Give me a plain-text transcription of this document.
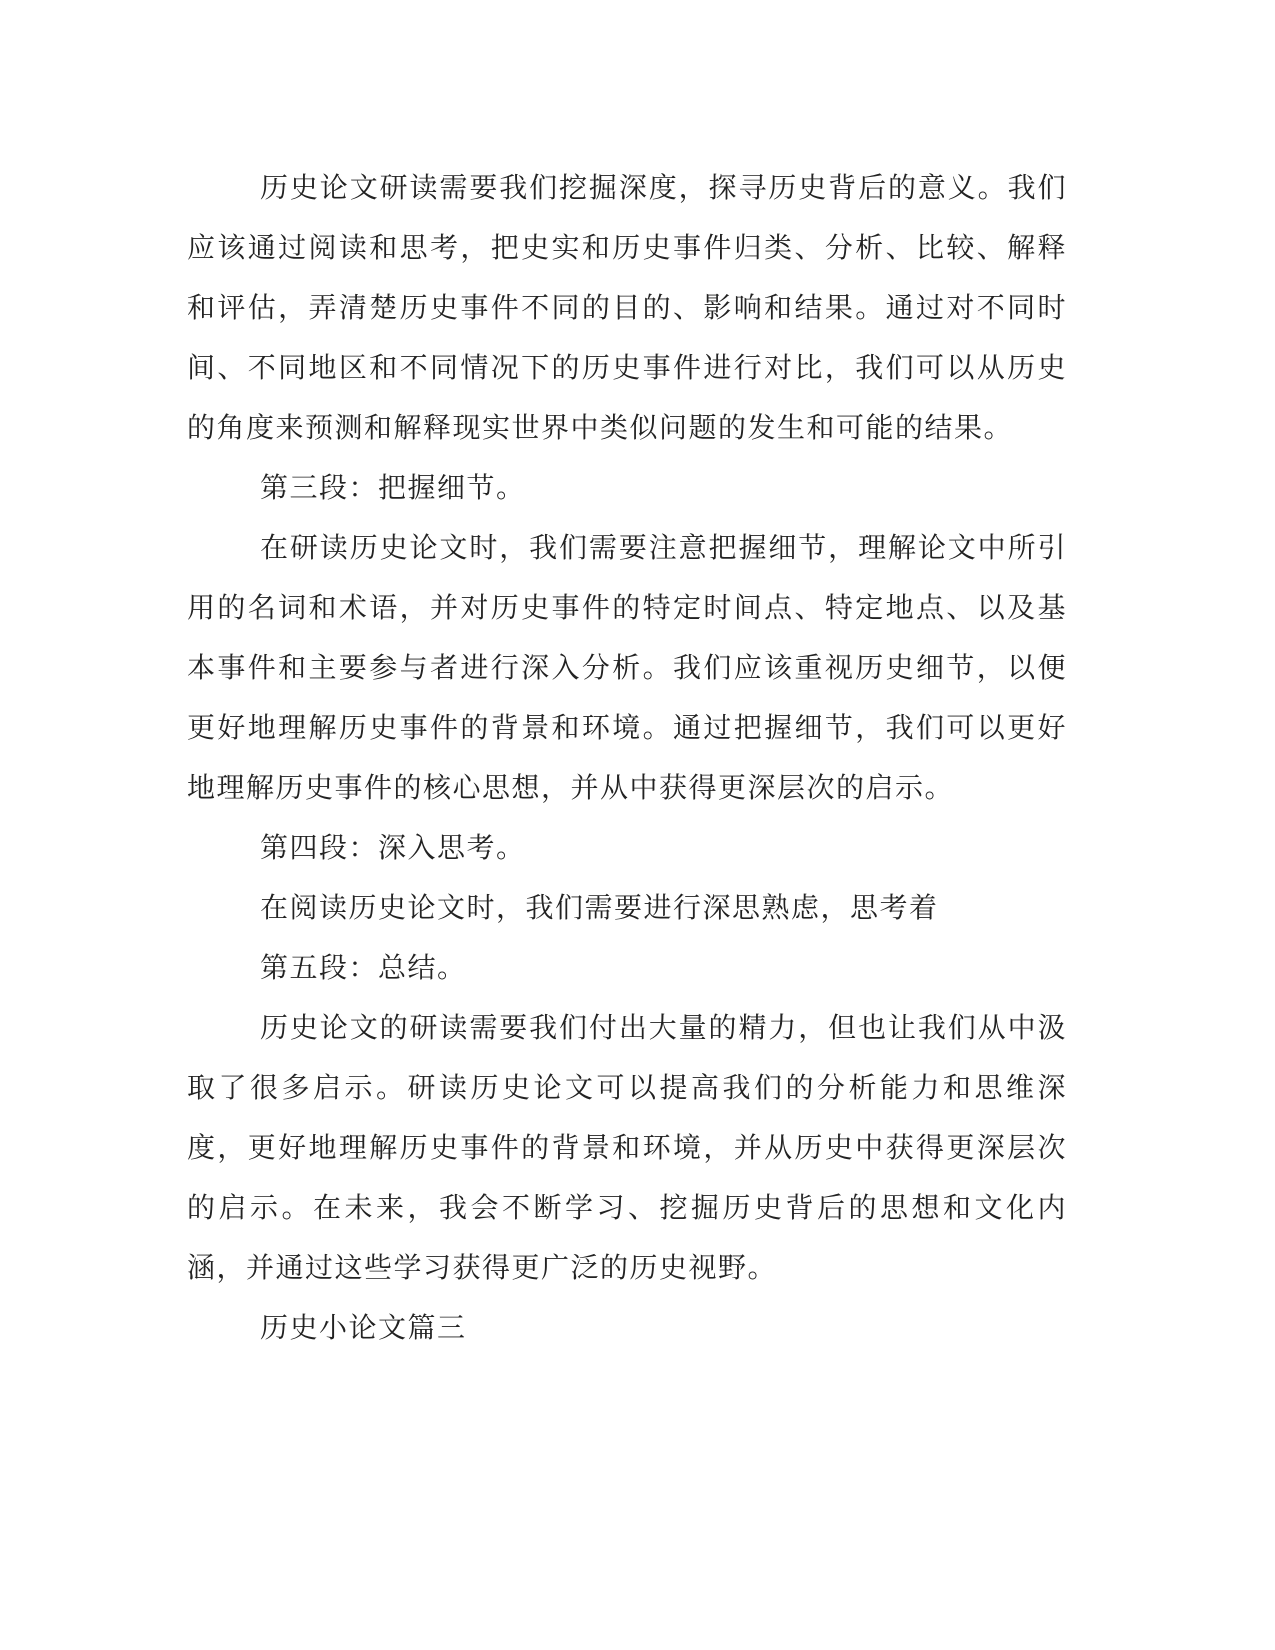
历史论文研读需要我们挖掘深度，探寻历史背后的意义。我们应该通过阅读和思考，把史实和历史事件归类、分析、比较、解释和评估，弄清楚历史事件不同的目的、影响和结果。通过对不同时间、不同地区和不同情况下的历史事件进行对比，我们可以从历史的角度来预测和解释现实世界中类似问题的发生和可能的结果。

第三段：把握细节。

在研读历史论文时，我们需要注意把握细节，理解论文中所引用的名词和术语，并对历史事件的特定时间点、特定地点、以及基本事件和主要参与者进行深入分析。我们应该重视历史细节，以便更好地理解历史事件的背景和环境。通过把握细节，我们可以更好地理解历史事件的核心思想，并从中获得更深层次的启示。

第四段：深入思考。

在阅读历史论文时，我们需要进行深思熟虑，思考着

第五段：总结。

历史论文的研读需要我们付出大量的精力，但也让我们从中汲取了很多启示。研读历史论文可以提高我们的分析能力和思维深度，更好地理解历史事件的背景和环境，并从历史中获得更深层次的启示。在未来，我会不断学习、挖掘历史背后的思想和文化内涵，并通过这些学习获得更广泛的历史视野。

历史小论文篇三
